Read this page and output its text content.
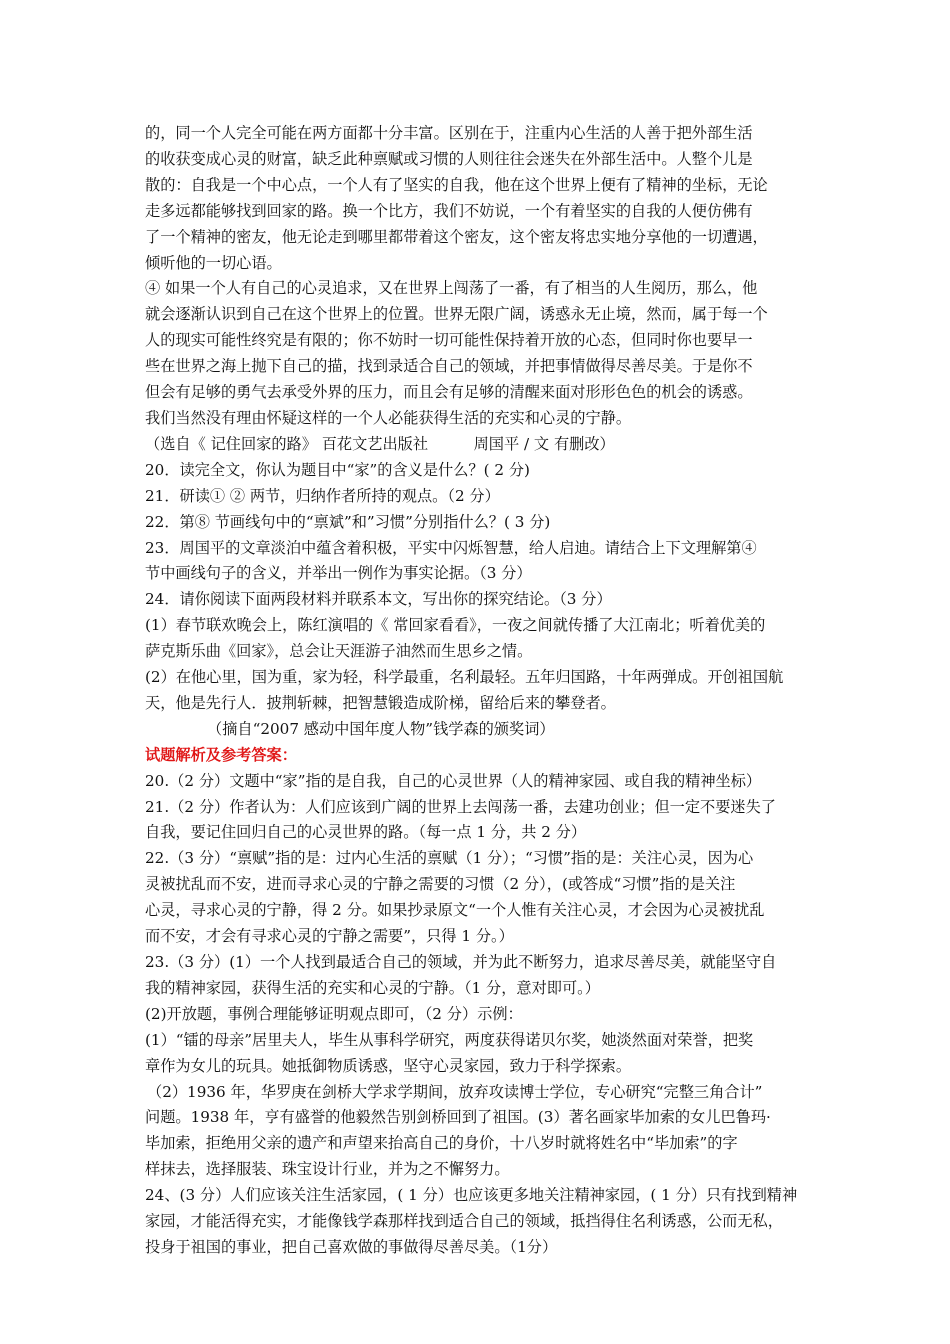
的，同一个人完全可能在两方面都十分丰富。区别在于，注重内心生活的人善于把外部生活
的收获变成心灵的财富，缺乏此种禀赋或习惯的人则往往会迷失在外部生活中。人整个儿是
散的：自我是一个中心点，一个人有了坚实的自我，他在这个世界上便有了精神的坐标，无论
走多远都能够找到回家的路。换一个比方，我们不妨说，一个有着坚实的自我的人便仿佛有
了一个精神的密友，他无论走到哪里都带着这个密友，这个密友将忠实地分享他的一切遭遇，
倾听他的一切心语。
④ 如果一个人有自己的心灵追求，又在世界上闯荡了一番，有了相当的人生阅历，那么，他
就会逐渐认识到自己在这个世界上的位置。世界无限广阔，诱惑永无止境，然而，属于每一个
人的现实可能性终究是有限的；你不妨时一切可能性保持着开放的心态，但同时你也要早一
些在世界之海上抛下自己的描，找到录适合自己的领域，并把事情做得尽善尽美。于是你不
但会有足够的勇气去承受外界的压力，而且会有足够的清醒来面对形形色色的机会的诱惑。
我们当然没有理由怀疑这样的一个人必能获得生活的充实和心灵的宁静。
（选自《 记住回家的路》 百花文艺出版社　　　周国平 / 文 有删改）
20．读完全文，你认为题目中“家”的含义是什么？( 2 分)
21．研读① ② 两节，归纳作者所持的观点。（2 分）
22．第⑧ 节画线句中的“禀斌”和”习惯”分别指什么？( 3 分)
23．周国平的文章淡泊中蕴含着积极，平实中闪烁智慧，给人启迪。请结合上下文理解第④
节中画线句子的含义，并举出一例作为事实论据。（3 分）
24．请你阅读下面两段材料并联系本文，写出你的探究结论。（3 分）
(1）春节联欢晚会上，陈红演唱的《 常回家看看》，一夜之间就传播了大江南北；听着优美的
萨克斯乐曲《回家》，总会让天涯游子油然而生思乡之情。
(2）在他心里，国为重，家为轻，科学最重，名利最轻。五年归国路，十年两弹成。开创祖国航
天，他是先行人．披荆斩棘，把智慧锻造成阶梯，留给后来的攀登者。
（摘自“2007 感动中国年度人物”钱学森的颁奖词）
试题解析及参考答案：
20.（2 分）文题中“家”指的是自我，自己的心灵世界（人的精神家园、或自我的精神坐标）
21.（2 分）作者认为：人们应该到广阔的世界上去闯荡一番，去建功创业；但一定不要迷失了
自我，要记住回归自己的心灵世界的路。（每一点 1 分，共 2 分）
22.（3 分）“禀赋”指的是：过内心生活的禀赋（1 分）；“习惯”指的是：关注心灵，因为心
灵被扰乱而不安，进而寻求心灵的宁静之需要的习惯（2 分），(或答成“习惯”指的是关注
心灵，寻求心灵的宁静，得 2 分。如果抄录原文“一个人惟有关注心灵，才会因为心灵被扰乱
而不安，才会有寻求心灵的宁静之需要”，只得 1 分。）
23.（3 分）(1）一个人找到最适合自己的领域，并为此不断努力，追求尽善尽美，就能坚守自
我的精神家园，获得生活的充实和心灵的宁静。（1 分，意对即可。）
(2)开放题，事例合理能够证明观点即可，（2 分）示例：
(1）“镭的母亲”居里夫人，毕生从事科学研究，两度获得诺贝尔奖，她淡然面对荣誉，把奖
章作为女儿的玩具。她抵御物质诱惑，坚守心灵家园，致力于科学探索。
（2）1936 年，华罗庚在剑桥大学求学期间，放弃攻读博士学位，专心研究“完整三角合计”
问题。1938 年，亨有盛誉的他毅然告别剑桥回到了祖国。(3）著名画家毕加索的女儿巴鲁玛·
毕加索，拒绝用父亲的遗产和声望来抬高自己的身价，十八岁时就将姓名中“毕加索”的字
样抹去，选择服装、珠宝设计行业，并为之不懈努力。
24、(3 分）人们应该关注生活家园，( 1 分）也应该更多地关注精神家园，( 1 分）只有找到精神
家园，才能活得充实，才能像钱学森那样找到适合自己的领域，抵挡得住名利诱惑，公而无私，
投身于祖国的事业，把自己喜欢做的事做得尽善尽美。（1分）
